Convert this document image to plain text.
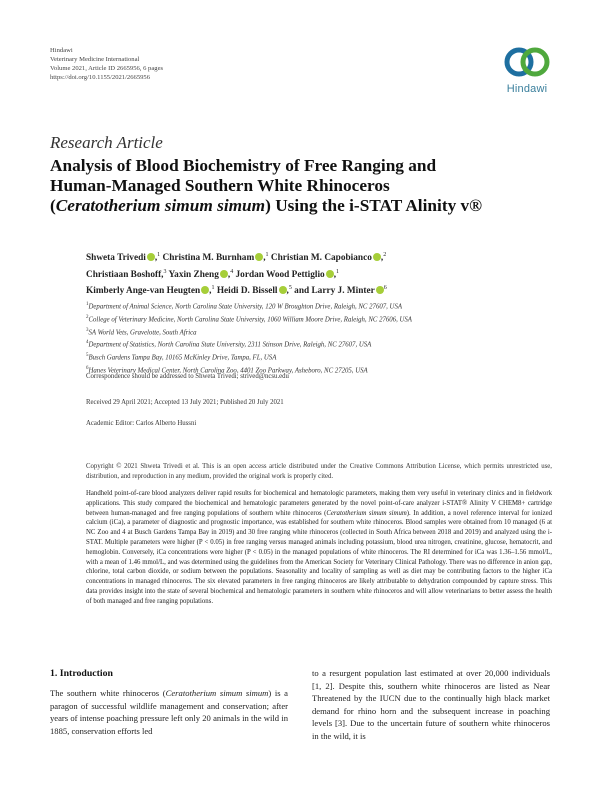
Hindawi
Veterinary Medicine International
Volume 2021, Article ID 2665956, 6 pages
https://doi.org/10.1155/2021/2665956
Hindawi
Research Article
Analysis of Blood Biochemistry of Free Ranging and
Human-Managed Southern White Rhinoceros
(Ceratotherium simum simum) Using the i-STAT Alinity v®
Shweta Trivedi ,$^1$ Christina M. Burnham ,$^1$ Christian M. Capobianco ,$^2$
Christiaan Boshoff,$^3$ Yaxin Zheng ,$^4$ Jordan Wood Pettiglio ,$^1$
Kimberly Ange-van Heugten ,$^1$ Heidi D. Bissell ,$^5$ and Larry J. Minter $^6$
$^1$Department of Animal Science, North Carolina State University, 120 W Broughton Drive, Raleigh, NC 27607, USA
$^2$College of Veterinary Medicine, North Carolina State University, 1060 William Moore Drive, Raleigh, NC 27606, USA
$^3$SA World Vets, Gravelotte, South Africa
$^4$Department of Statistics, North Carolina State University, 2311 Stinson Drive, Raleigh, NC 27607, USA
$^5$Busch Gardens Tampa Bay, 10165 McKinley Drive, Tampa, FL, USA
$^6$Hanes Veterinary Medical Center, North Carolina Zoo, 4401 Zoo Parkway, Asheboro, NC 27205, USA
Correspondence should be addressed to Shweta Trivedi; strived@ncsu.edu
Received 29 April 2021; Accepted 13 July 2021; Published 20 July 2021
Academic Editor: Carlos Alberto Hussni
Copyright © 2021 Shweta Trivedi et al. This is an open access article distributed under the Creative Commons Attribution License, which permits unrestricted use, distribution, and reproduction in any medium, provided the original work is properly cited.
Handheld point-of-care blood analyzers deliver rapid results for biochemical and hematologic parameters, making them very useful in veterinary clinics and in fieldwork applications. This study compared the biochemical and hematologic parameters generated by the novel point-of-care analyzer i-STAT® Alinity V CHEM8+ cartridge between human-managed and free ranging populations of southern white rhinoceros (Ceratotherium simum simum). In addition, a novel reference interval for ionized calcium (iCa), a parameter of diagnostic and prognostic importance, was established for southern white rhinoceros. Blood samples were obtained from 10 managed (6 at NC Zoo and 4 at Busch Gardens Tampa Bay in 2019) and 30 free ranging white rhinoceros (collected in South Africa between 2018 and 2019) and analyzed using the i-STAT. Multiple parameters were higher (P < 0.05) in free ranging versus managed animals including potassium, blood urea nitrogen, creatinine, glucose, hematocrit, and hemoglobin. Conversely, iCa concentrations were higher (P < 0.05) in the managed populations of white rhinoceros. The RI determined for iCa was 1.36–1.56 mmol/L, with a mean of 1.46 mmol/L, and was determined using the guidelines from the American Society for Veterinary Clinical Pathology. There was no difference in anion gap, chlorine, total carbon dioxide, or sodium between the populations. Seasonality and locality of sampling as well as diet may be contributing factors to the higher iCa concentrations in managed rhinoceros. The six elevated parameters in free ranging rhinoceros are likely attributable to dehydration compounded by capture stress. This data provides insight into the state of several biochemical and hematologic parameters in southern white rhinoceros and will allow veterinarians to better assess the health of both managed and free ranging populations.
1. Introduction
The southern white rhinoceros (Ceratotherium simum simum) is a paragon of successful wildlife management and conservation; after years of intense poaching pressure left only 20 animals in the wild in 1885, conservation efforts led
to a resurgent population last estimated at over 20,000 individuals [1, 2]. Despite this, southern white rhinoceros are listed as Near Threatened by the IUCN due to the continually high black market demand for rhino horn and the subsequent increase in poaching levels [3]. Due to the uncertain future of southern white rhinoceros in the wild, it is
